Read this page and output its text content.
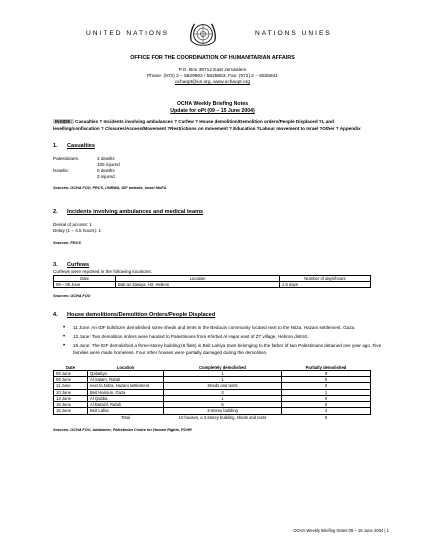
UNITED NATIONS	NATIONS UNIES
OFFICE FOR THE COORDINATION OF HUMANITARIAN AFFAIRS
P.O. Box 38712 East Jerusalem
Phone: (972) 2 – 5829962 / 5825853, Fax: (972) 2 – 5825841
ochaopt@un.org, www.ochaopt.org
OCHA Weekly Briefing Notes
Update for oPt (09 – 15 June 2004)
INSIDE: Casualties ? Incidents involving ambulances ? Curfew ? House demolition/Demolition orders/People Displaced ?L and levelling/confiscation ? Closures/Access/Movement ?Restrictions on movement ? Education ?Labour movement to Israel ?Other ? Appendix
1. Casualties
Palestinians:	3 deaths
105 injured
Israelis:	0 deaths
3 injured
Sources: OCHA FOU, PRCS, UNRWA, IDF website, Israel MoFA.
2. Incidents involving ambulances and medical teams
Denial of access: 1
Delay (1 – 4.5 hours): 1
Sources: PRCS
3. Curfews
Curfews were reported in the following locations:
Date	Location	Number of days/hours
09 – 09 June	Bab az Zawiya, H2, Hebron	1.5 days
Sources: OCHA FOU
4. House demolitions/Demolition Orders/People Displaced
• 11 June: An IDF bulldozer demolished some sheds and tents in the Bedouin community located next to the Nitza, Hazani settlement, Gaza.
• 12 June: Two demolition orders were handed to Palestinians from Khirbet Al Hajar east of Z7 village, Hebron district.
• 15 June: The IDF demolished a three-storey building (6 flats) in Beit Lahiya town belonging to the father of two Palestinians detained one year ago. Five families were made homeless. Four other houses were partially damaged during the demolition.
Date	Location	Completely demolished	Partially demolished
09 June	Qabatiya	1	0
09 June	Al Salam, Rafah	1	0
11 June	next to Nitza, Hazani settlement	Sheds and tents	0
10 June	Beit Hanoun, Gaza	3	1
13 June	Al Qubba	1	0
15 June	Al Barazil, Rafah	6	0
15 June	Beit Lahia	3-storey building	4
	Total	10 houses, a 3-storey building, sheds and tents	5
Sources: OCHA FOU, Addameer, Palestinian Centre for Human Rights, PCHR
OCHA Weekly Briefing Notes 09 – 15 June 2004 | 1
